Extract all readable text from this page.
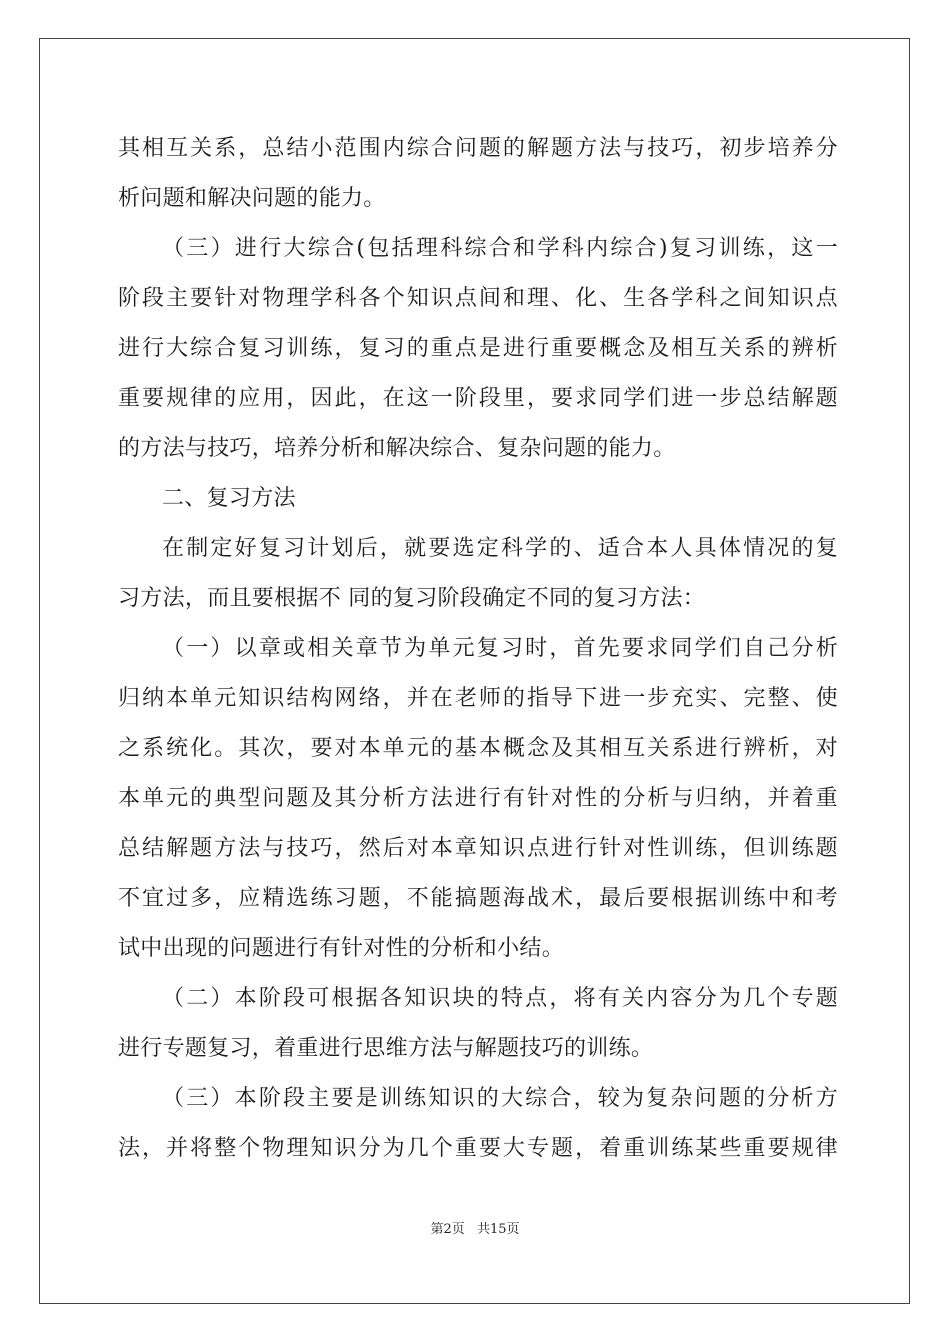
其相互关系，总结小范围内综合问题的解题方法与技巧，初步培养分
析问题和解决问题的能力。
（三）进行大综合(包括理科综合和学科内综合)复习训练，这一
阶段主要针对物理学科各个知识点间和理、化、生各学科之间知识点
进行大综合复习训练，复习的重点是进行重要概念及相互关系的辨析
重要规律的应用，因此，在这一阶段里，要求同学们进一步总结解题
的方法与技巧，培养分析和解决综合、复杂问题的能力。
二、复习方法
在制定好复习计划后，就要选定科学的、适合本人具体情况的复
习方法，而且要根据不 同的复习阶段确定不同的复习方法：
（一）以章或相关章节为单元复习时，首先要求同学们自己分析
归纳本单元知识结构网络，并在老师的指导下进一步充实、完整、使
之系统化。其次，要对本单元的基本概念及其相互关系进行辨析，对
本单元的典型问题及其分析方法进行有针对性的分析与归纳，并着重
总结解题方法与技巧，然后对本章知识点进行针对性训练，但训练题
不宜过多，应精选练习题，不能搞题海战术，最后要根据训练中和考
试中出现的问题进行有针对性的分析和小结。
（二）本阶段可根据各知识块的特点，将有关内容分为几个专题
进行专题复习，着重进行思维方法与解题技巧的训练。
（三）本阶段主要是训练知识的大综合，较为复杂问题的分析方
法，并将整个物理知识分为几个重要大专题，着重训练某些重要规律
第2页 共15页
